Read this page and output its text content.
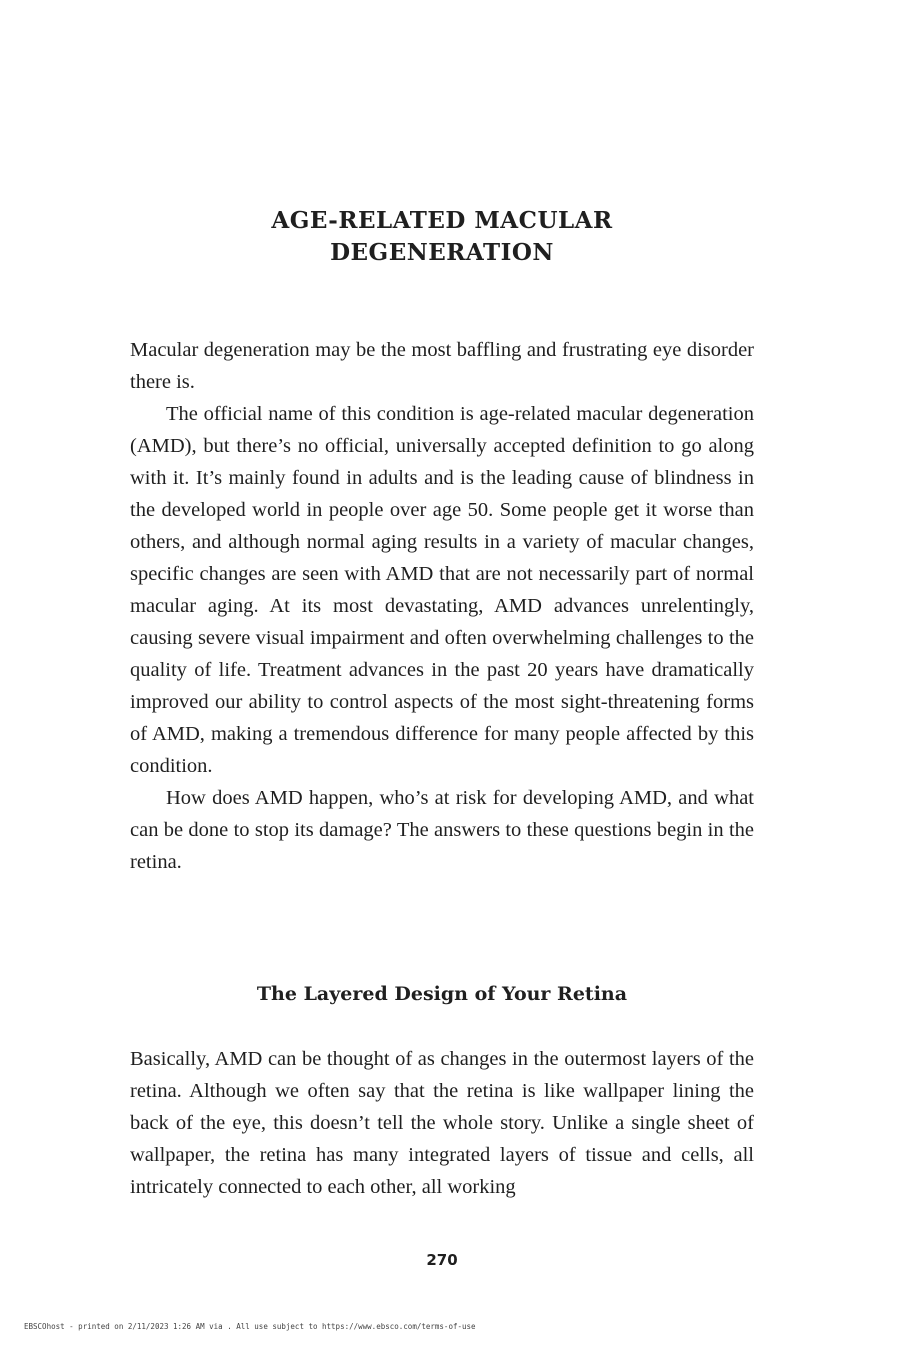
AGE-RELATED MACULAR
DEGENERATION

Macular degeneration may be the most baffling and frustrating eye disorder there is.

The official name of this condition is age-related macular degeneration (AMD), but there’s no official, universally accepted definition to go along with it. It’s mainly found in adults and is the leading cause of blindness in the developed world in people over age 50. Some people get it worse than others, and although normal aging results in a variety of macular changes, specific changes are seen with AMD that are not necessarily part of normal macular aging. At its most devastating, AMD advances unrelentingly, causing severe visual impairment and often overwhelming challenges to the quality of life. Treatment advances in the past 20 years have dramatically improved our ability to control aspects of the most sight-threatening forms of AMD, making a tremendous difference for many people affected by this condition.

How does AMD happen, who’s at risk for developing AMD, and what can be done to stop its damage? The answers to these questions begin in the retina.

The Layered Design of Your Retina

Basically, AMD can be thought of as changes in the outermost layers of the retina. Although we often say that the retina is like wallpaper lining the back of the eye, this doesn’t tell the whole story. Unlike a single sheet of wallpaper, the retina has many integrated layers of tissue and cells, all intricately connected to each other, all working

270
EBSCOhost - printed on 2/11/2023 1:26 AM via . All use subject to https://www.ebsco.com/terms-of-use
